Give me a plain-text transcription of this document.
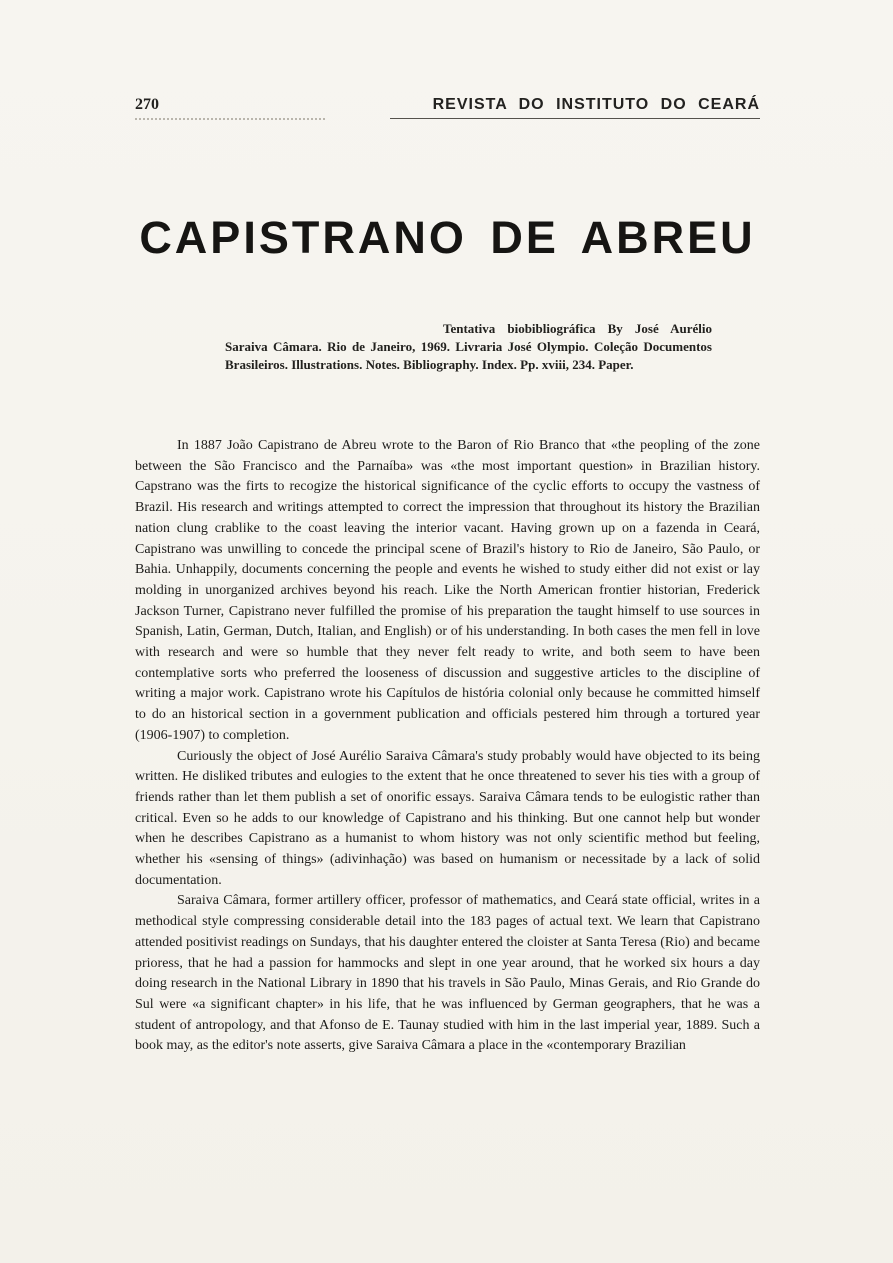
270	REVISTA DO INSTITUTO DO CEARÁ
CAPISTRANO DE ABREU

Tentativa biobibliográfica By José Aurélio Saraiva Câmara. Rio de Janeiro, 1969. Livraria José Olympio. Coleção Documentos Brasileiros. Illustrations. Notes. Bibliography. Index. Pp. xviii, 234. Paper.

In 1887 João Capistrano de Abreu wrote to the Baron of Rio Branco that «the peopling of the zone between the São Francisco and the Parnaíba» was «the most important question» in Brazilian history. Capstrano was the firts to recogize the historical significance of the cyclic efforts to occupy the vastness of Brazil. His research and writings attempted to correct the impression that throughout its history the Brazilian nation clung crablike to the coast leaving the interior vacant. Having grown up on a fazenda in Ceará, Capistrano was unwilling to concede the principal scene of Brazil's history to Rio de Janeiro, São Paulo, or Bahia. Unhappily, documents concerning the people and events he wished to study either did not exist or lay molding in unorganized archives beyond his reach. Like the North American frontier historian, Frederick Jackson Turner, Capistrano never fulfilled the promise of his preparation the taught himself to use sources in Spanish, Latin, German, Dutch, Italian, and English) or of his understanding. In both cases the men fell in love with research and were so humble that they never felt ready to write, and both seem to have been contemplative sorts who preferred the looseness of discussion and suggestive articles to the discipline of writing a major work. Capistrano wrote his Capítulos de história colonial only because he committed himself to do an historical section in a government publication and officials pestered him through a tortured year (1906-1907) to completion.

Curiously the object of José Aurélio Saraiva Câmara's study probably would have objected to its being written. He disliked tributes and eulogies to the extent that he once threatened to sever his ties with a group of friends rather than let them publish a set of onorific essays. Saraiva Câmara tends to be eulogistic rather than critical. Even so he adds to our knowledge of Capistrano and his thinking. But one cannot help but wonder when he describes Capistrano as a humanist to whom history was not only scientific method but feeling, whether his «sensing of things» (adivinhação) was based on humanism or necessitade by a lack of solid documentation.

Saraiva Câmara, former artillery officer, professor of mathematics, and Ceará state official, writes in a methodical style compressing considerable detail into the 183 pages of actual text. We learn that Capistrano attended positivist readings on Sundays, that his daughter entered the cloister at Santa Teresa (Rio) and became prioress, that he had a passion for hammocks and slept in one year around, that he worked six hours a day doing research in the National Library in 1890 that his travels in São Paulo, Minas Gerais, and Rio Grande do Sul were «a significant chapter» in his life, that he was influenced by German geographers, that he was a student of antropology, and that Afonso de E. Taunay studied with him in the last imperial year, 1889. Such a book may, as the editor's note asserts, give Saraiva Câmara a place in the «contemporary Brazilian
